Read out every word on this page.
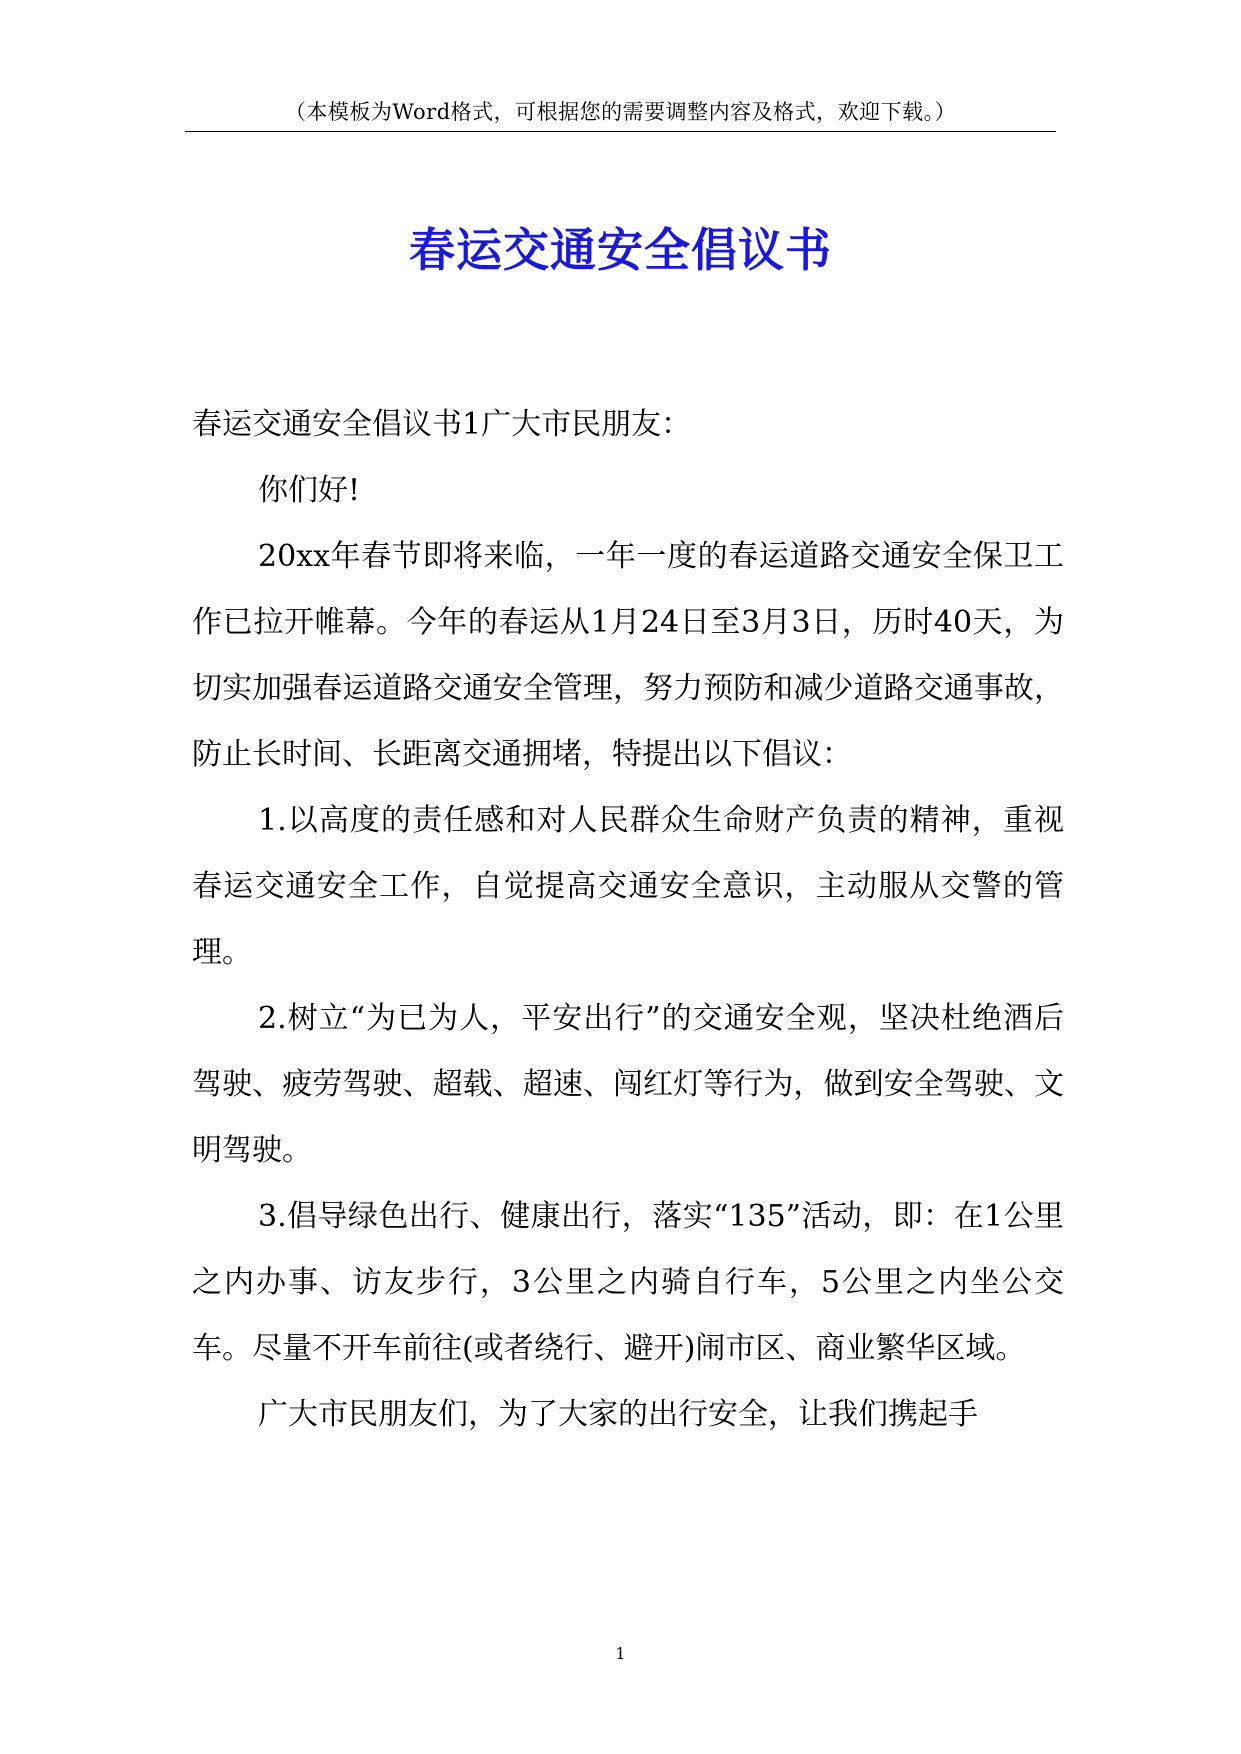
（本模板为Word格式，可根据您的需要调整内容及格式，欢迎下载。）
春运交通安全倡议书

春运交通安全倡议书1广大市民朋友：

你们好!

20xx年春节即将来临，一年一度的春运道路交通安全保卫工作已拉开帷幕。今年的春运从1月24日至3月3日，历时40天，为切实加强春运道路交通安全管理，努力预防和减少道路交通事故，防止长时间、长距离交通拥堵，特提出以下倡议：

1.以高度的责任感和对人民群众生命财产负责的精神，重视春运交通安全工作，自觉提高交通安全意识，主动服从交警的管理。

2.树立“为已为人，平安出行”的交通安全观，坚决杜绝酒后驾驶、疲劳驾驶、超载、超速、闯红灯等行为，做到安全驾驶、文明驾驶。

3.倡导绿色出行、健康出行，落实“135”活动，即：在1公里之内办事、访友步行，3公里之内骑自行车，5公里之内坐公交车。尽量不开车前往(或者绕行、避开)闹市区、商业繁华区域。

广大市民朋友们，为了大家的出行安全，让我们携起手

1
